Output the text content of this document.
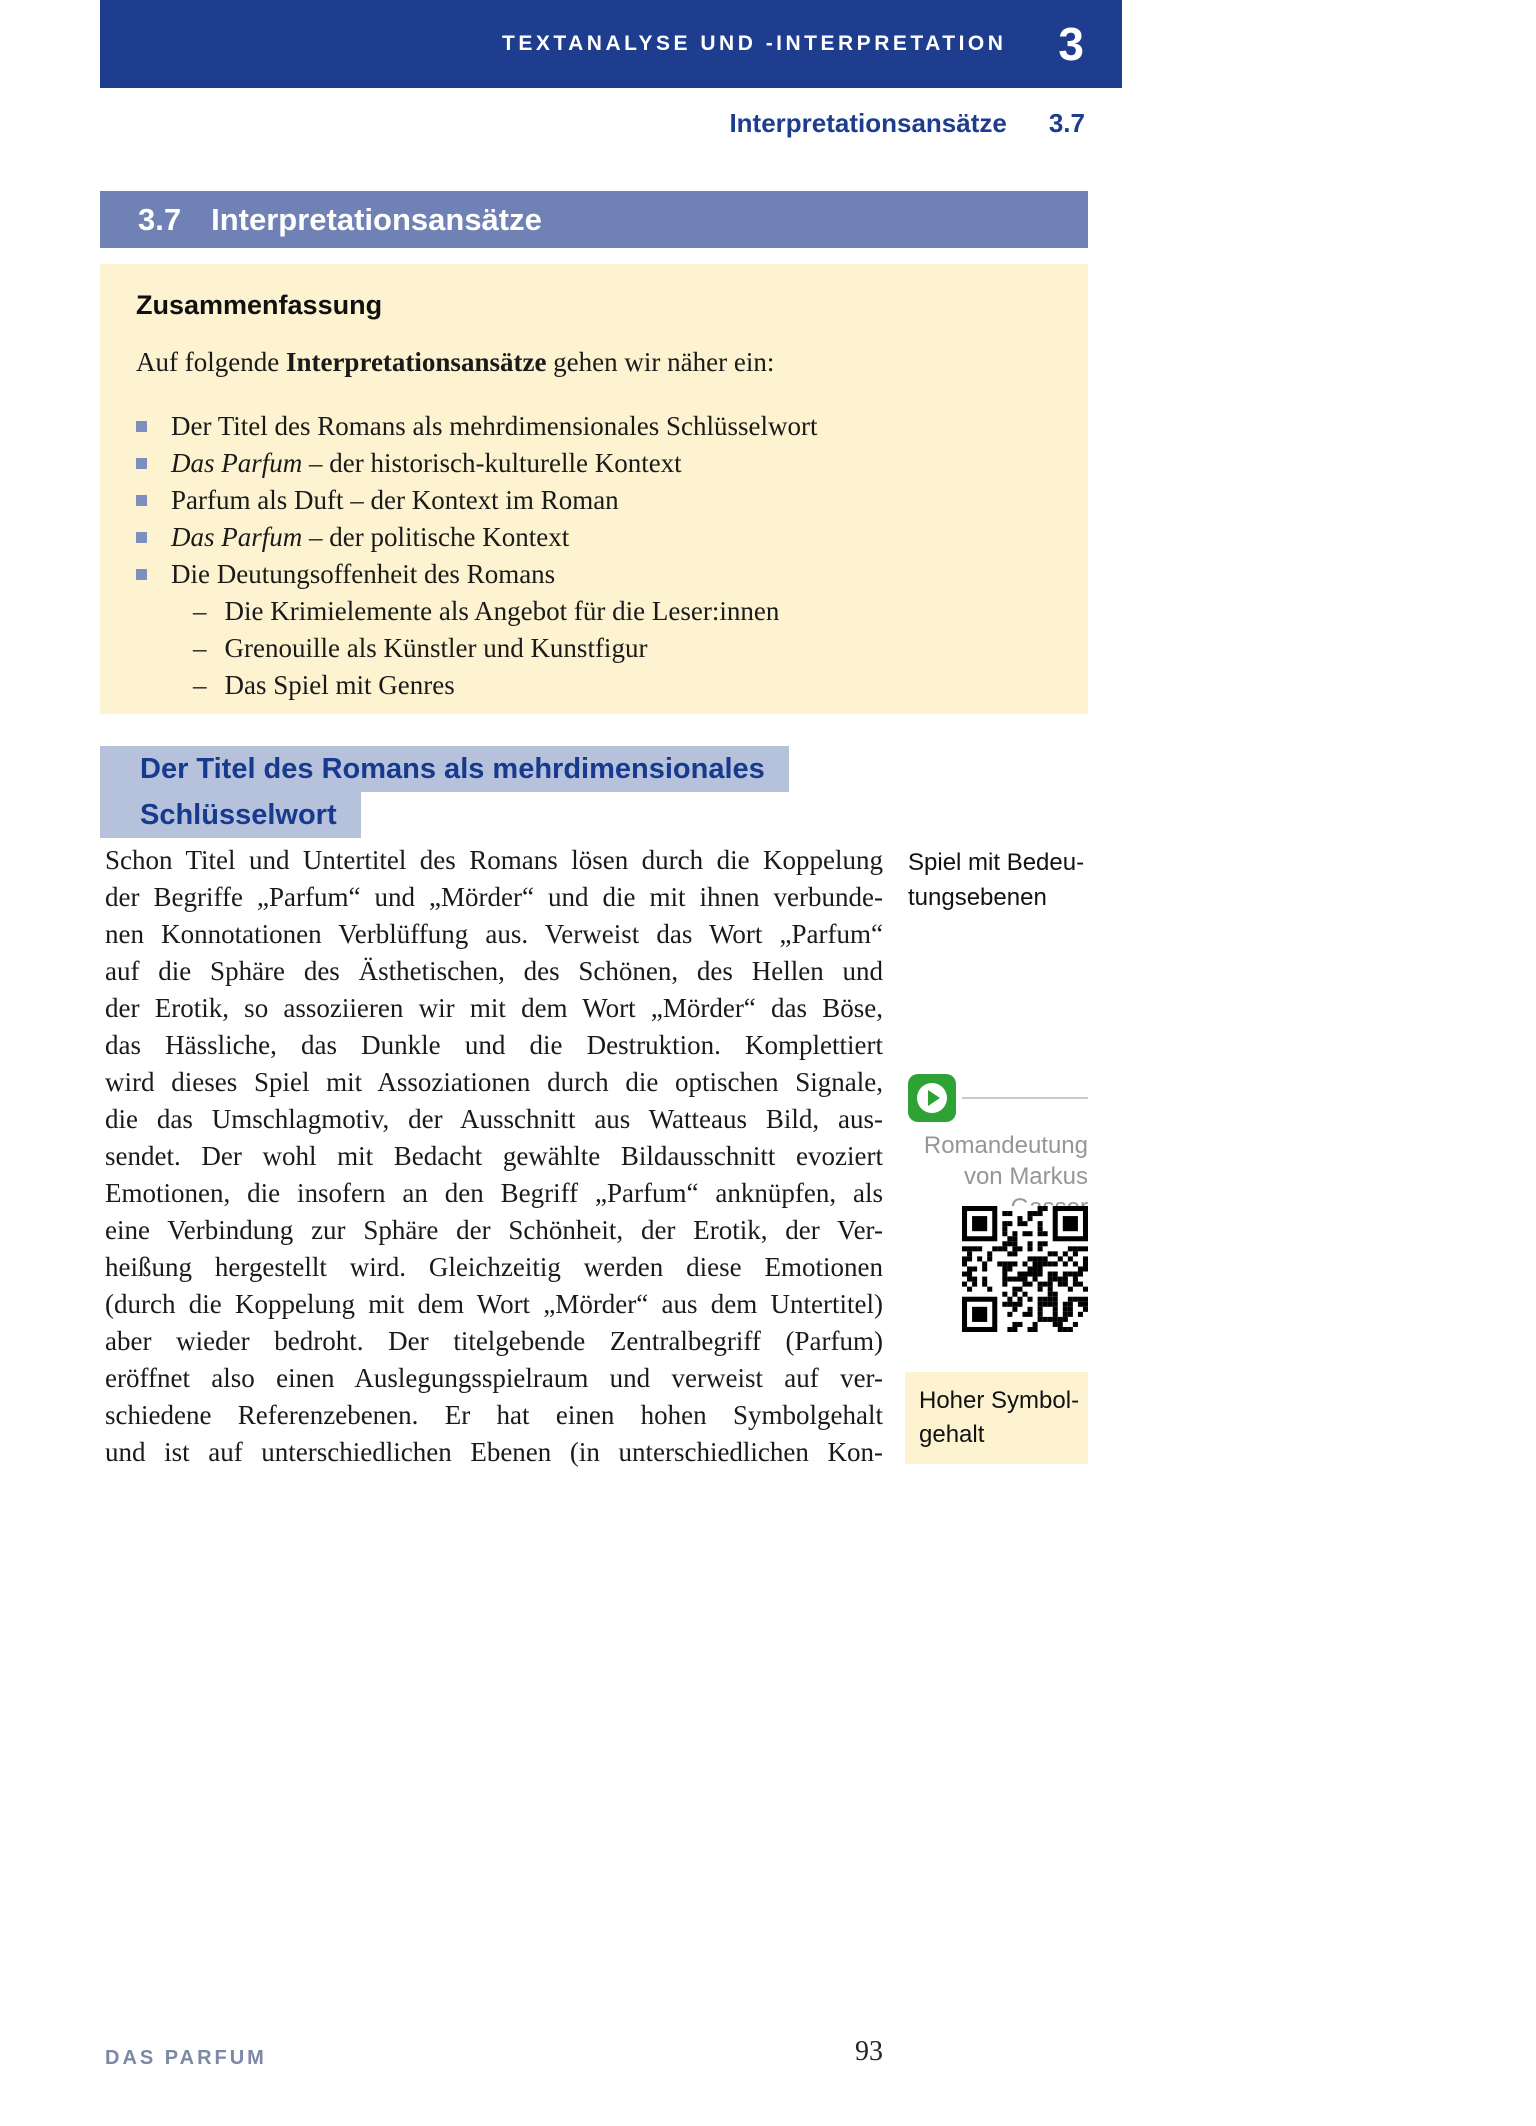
TEXTANALYSE UND -INTERPRETATION 3
Interpretationsansätze 3.7
3.7 Interpretationsansätze

Zusammenfassung

Auf folgende Interpretationsansätze gehen wir näher ein:
Der Titel des Romans als mehrdimensionales Schlüsselwort
Das Parfum – der historisch-kulturelle Kontext
Parfum als Duft – der Kontext im Roman
Das Parfum – der politische Kontext
Die Deutungsoffenheit des Romans
– Die Krimielemente als Angebot für die Leser:innen
– Grenouille als Künstler und Kunstfigur
– Das Spiel mit Genres
Der Titel des Romans als mehrdimensionales
Schlüsselwort
Schon Titel und Untertitel des Romans lösen durch die Koppelung
der Begriffe „Parfum“ und „Mörder“ und die mit ihnen verbunde-
nen Konnotationen Verblüffung aus. Verweist das Wort „Parfum“
auf die Sphäre des Ästhetischen, des Schönen, des Hellen und
der Erotik, so assoziieren wir mit dem Wort „Mörder“ das Böse,
das Hässliche, das Dunkle und die Destruktion. Komplettiert
wird dieses Spiel mit Assoziationen durch die optischen Signale,
die das Umschlagmotiv, der Ausschnitt aus Watteaus Bild, aus-
sendet. Der wohl mit Bedacht gewählte Bildausschnitt evoziert
Emotionen, die insofern an den Begriff „Parfum“ anknüpfen, als
eine Verbindung zur Sphäre der Schönheit, der Erotik, der Ver-
heißung hergestellt wird. Gleichzeitig werden diese Emotionen
(durch die Koppelung mit dem Wort „Mörder“ aus dem Untertitel)
aber wieder bedroht. Der titelgebende Zentralbegriff (Parfum)
eröffnet also einen Auslegungsspielraum und verweist auf ver-
schiedene Referenzebenen. Er hat einen hohen Symbolgehalt
und ist auf unterschiedlichen Ebenen (in unterschiedlichen Kon-
Spiel mit Bedeu-
tungsebenen
Romandeutung
von Markus
Hoher Symbol-
gehalt
DAS PARFUM	93
